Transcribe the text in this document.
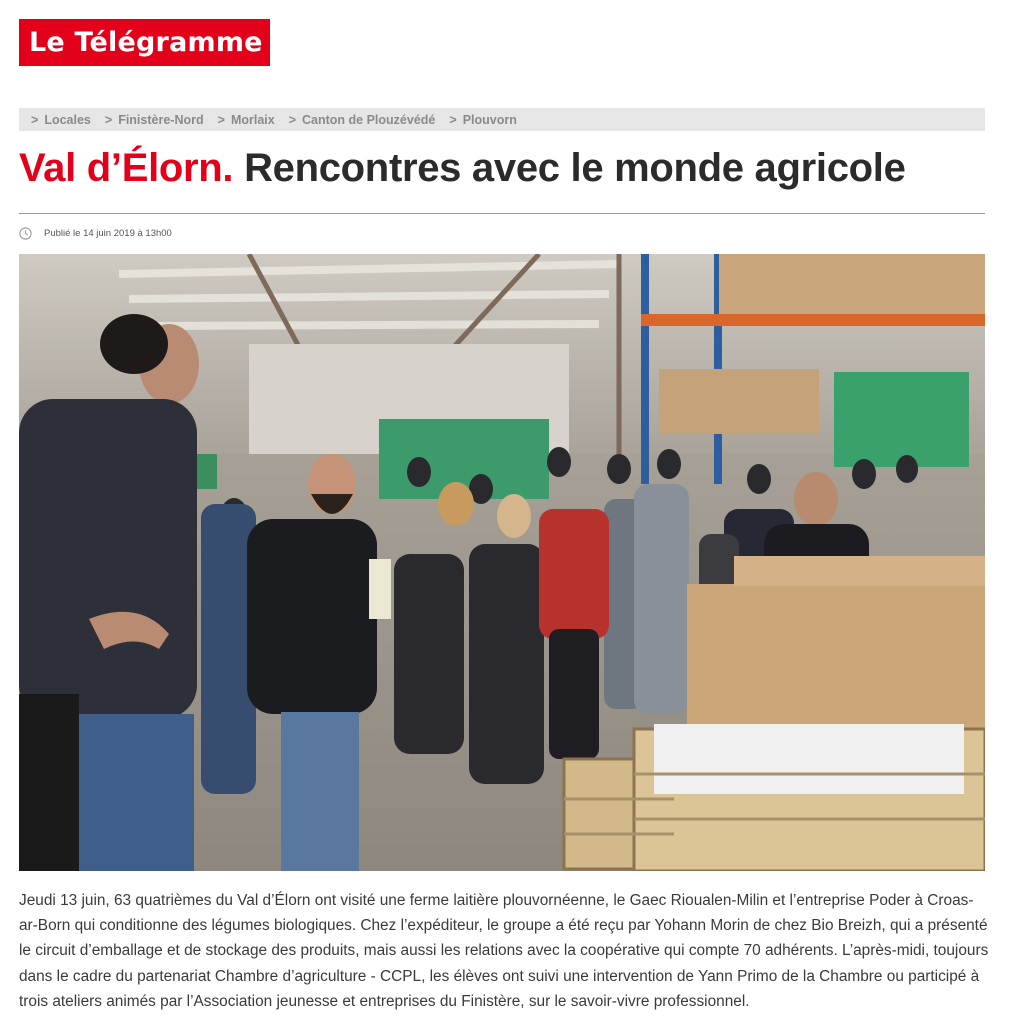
Le Télégramme
> Locales > Finistère-Nord > Morlaix > Canton de Plouzévédé > Plouvorn
Val d’Élorn. Rencontres avec le monde agricole
Publié le 14 juin 2019 à 13h00

Jeudi 13 juin, 63 quatrièmes du Val d’Élorn ont visité une ferme laitière plouvornéenne, le Gaec Rioualen-Milin et l’entreprise Poder à Croas-ar-Born qui conditionne des légumes biologiques. Chez l’expéditeur, le groupe a été reçu par Yohann Morin de chez Bio Breizh, qui a présenté le circuit d’emballage et de stockage des produits, mais aussi les relations avec la coopérative qui compte 70 adhérents. L’après-midi, toujours dans le cadre du partenariat Chambre d’agriculture - CCPL, les élèves ont suivi une intervention de Yann Primo de la Chambre ou participé à trois ateliers animés par l’Association jeunesse et entreprises du Finistère, sur le savoir-vivre professionnel.
